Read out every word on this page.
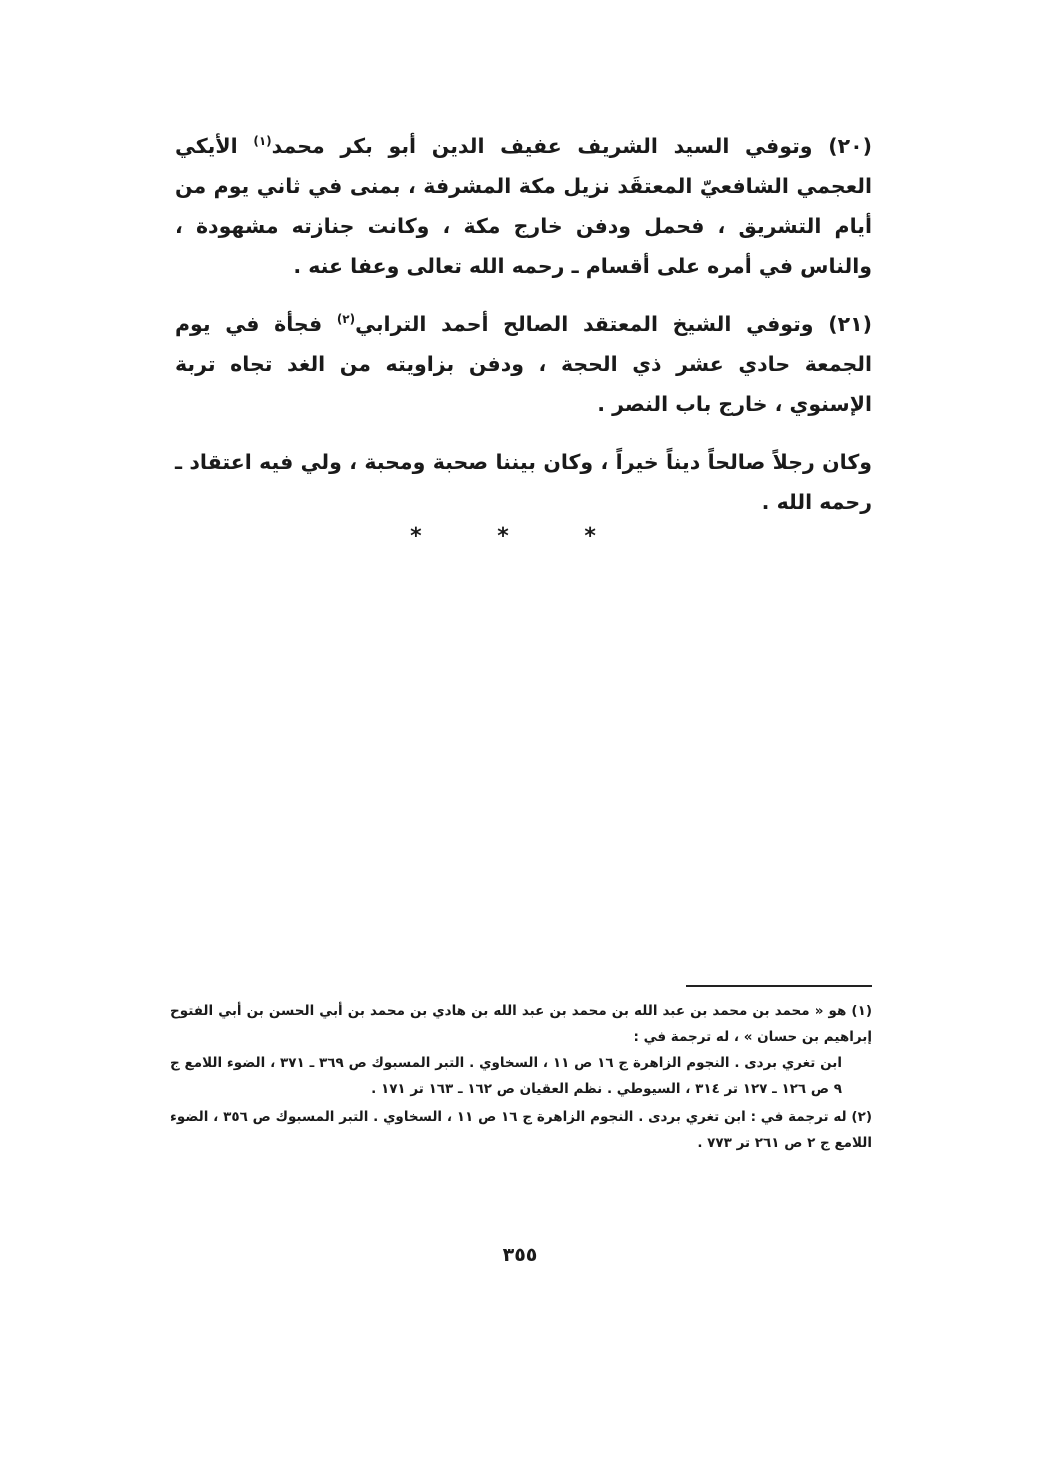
(٢٠) وتوفي السيد الشريف عفيف الدين أبو بكر محمد$^{(١)}$ الأيكي العجمي الشافعيّ المعتقَد نزيل مكة المشرفة ، بمنى في ثاني يوم من أيام التشريق ، فحمل ودفن خارج مكة ، وكانت جنازته مشهودة ، والناس في أمره على أقسام ـ رحمه الله تعالى وعفا عنه .

(٢١) وتوفي الشيخ المعتقد الصالح أحمد الترابي$^{(٢)}$ فجأة في يوم الجمعة حادي عشر ذي الحجة ، ودفن بزاويته من الغد تجاه تربة الإسنوي ، خارج باب النصر .

وكان رجلاً صالحاً ديناً خيراً ، وكان بيننا صحبة ومحبة ، ولي فيه اعتقاد ـ رحمه الله .

* * *

(١) هو « محمد بن محمد بن عبد الله بن محمد بن عبد الله بن هادي بن محمد بن أبي الحسن بن أبي الفتوح إبراهيم بن حسان » ، له ترجمة في :
ابن تغري بردى . النجوم الزاهرة ج ١٦ ص ١١ ، السخاوي . التبر المسبوك ص ٣٦٩ ـ ٣٧١ ، الضوء اللامع ج ٩ ص ١٢٦ ـ ١٢٧ تر ٣١٤ ، السيوطي . نظم العقيان ص ١٦٢ ـ ١٦٣ تر ١٧١ .

(٢) له ترجمة في : ابن تغري بردى . النجوم الزاهرة ج ١٦ ص ١١ ، السخاوي . التبر المسبوك ص ٣٥٦ ، الضوء اللامع ج ٢ ص ٢٦١ تر ٧٧٣ .

٣٥٥
